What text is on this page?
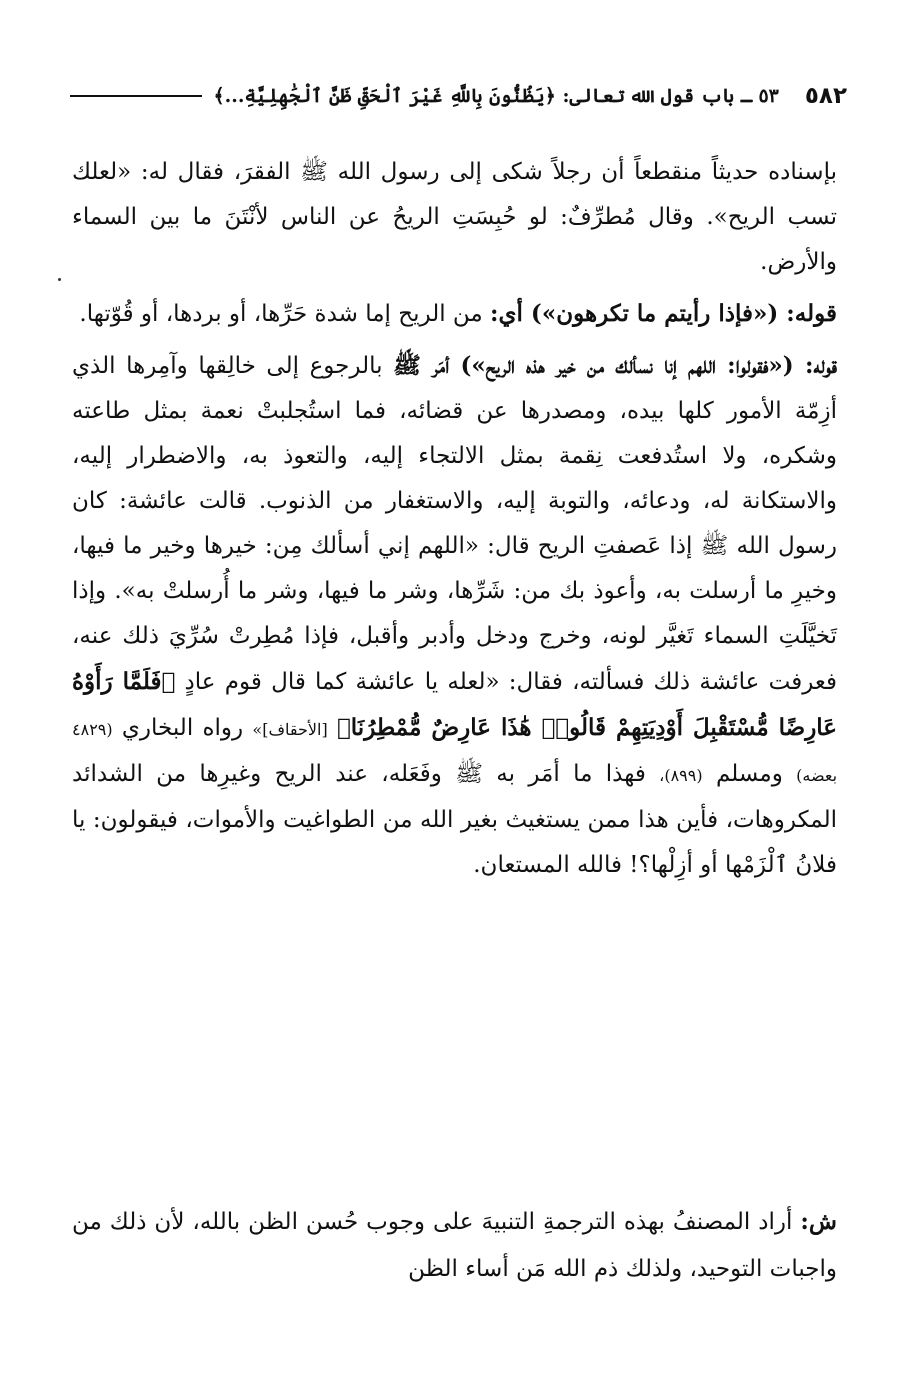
٥٨٢
٥٣ ـ باب قول الله تعالى: ﴿يَظُنُّونَ بِاللَّهِ غَيْرَ ٱلْحَقِّ ظَنَّ ٱلْجَٰهِلِيَّةِ...﴾

بإسناده حديثاً منقطعاً أن رجلاً شكى إلى رسول الله ﷺ الفقرَ، فقال له: «لعلك تسب الريح». وقال مُطرِّفٌ: لو حُبِسَتِ الريحُ عن الناس لأنْتَنَ ما بين السماء والأرض.

قوله: («فإذا رأيتم ما تكرهون») أي: من الريح إما شدة حَرِّها، أو بردها، أو قُوّتها.

قوله: («فقولوا: اللهم إنا نسألك من خير هذه الريح») أمَر ﷺ بالرجوع إلى خالِقها وآمِرها الذي أزِمّة الأمور كلها بيده، ومصدرها عن قضائه، فما استُجلبتْ نعمة بمثل طاعته وشكره، ولا استُدفعت نِقمة بمثل الالتجاء إليه، والتعوذ به، والاضطرار إليه، والاستكانة له، ودعائه، والتوبة إليه، والاستغفار من الذنوب. قالت عائشة: كان رسول الله ﷺ إذا عَصفتِ الريح قال: «اللهم إني أسألك مِن: خيرها وخير ما فيها، وخيرِ ما أرسلت به، وأعوذ بك من: شَرِّها، وشر ما فيها، وشر ما أُرسلتْ به». وإذا تَخيَّلَتِ السماء تَغيَّر لونه، وخرج ودخل وأدبر وأقبل، فإذا مُطِرتْ سُرِّيَ ذلك عنه، فعرفت عائشة ذلك فسألته، فقال: «لعله يا عائشة كما قال قوم عادٍ ﴿فَلَمَّا رَأَوْهُ عَارِضًا مُّسْتَقْبِلَ أَوْدِيَتِهِمْ قَالُوا۟ هَٰذَا عَارِضٌ مُّمْطِرُنَا﴾ [الأحقاف]» رواه البخاري (٤٨٢٩ بعضه) ومسلم (٨٩٩)، فهذا ما أمَر به ﷺ وفَعَله، عند الريح وغيرِها من الشدائد المكروهات، فأين هذا ممن يستغيث بغير الله من الطواغيت والأموات، فيقولون: يا فلانُ ٱلْزَمْها أو أزِلْها؟! فالله المستعان.

ش: أراد المصنفُ بهذه الترجمةِ التنبيهَ على وجوب حُسن الظن بالله، لأن ذلك من واجبات التوحيد، ولذلك ذم الله مَن أساء الظن
